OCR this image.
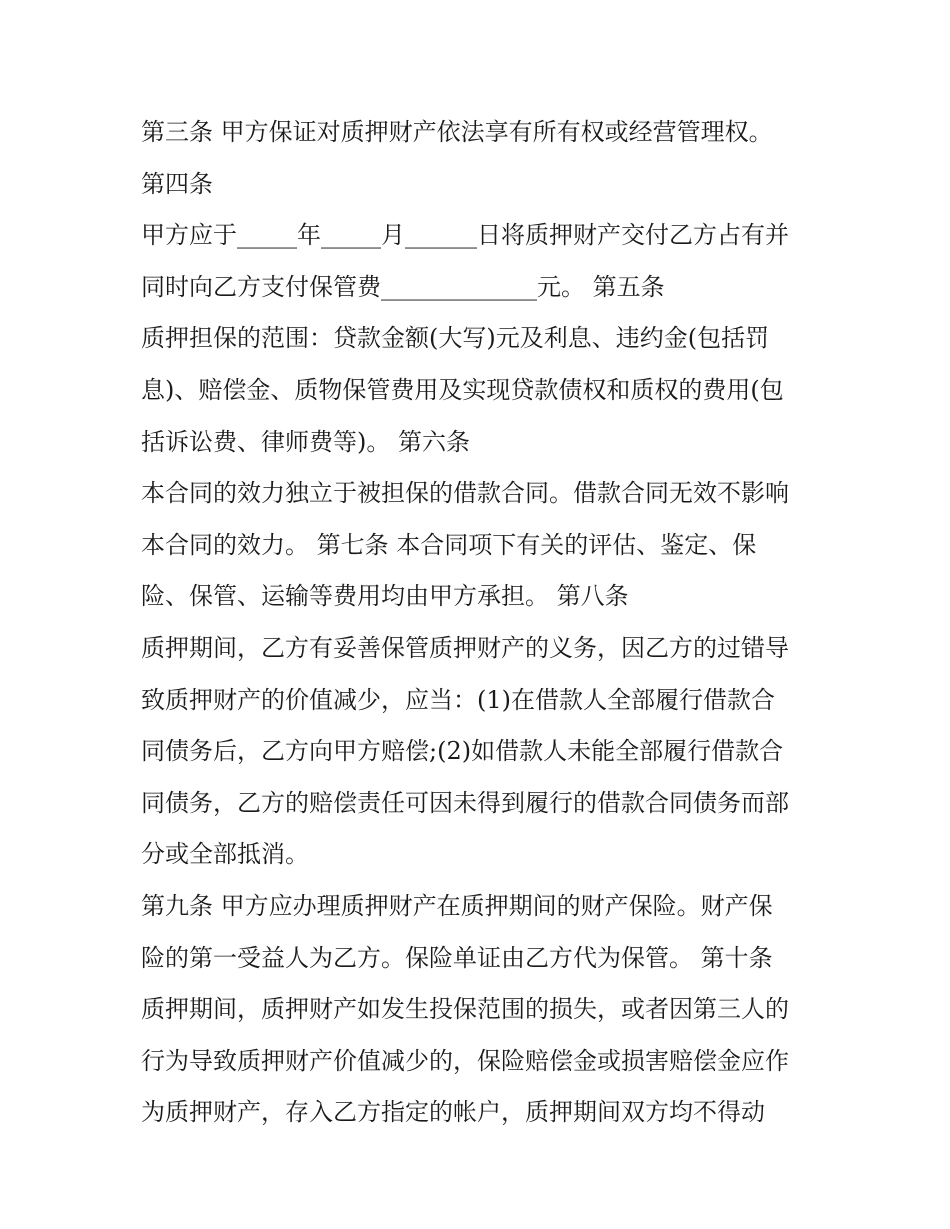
第三条 甲方保证对质押财产依法享有所有权或经营管理权。
第四条
甲方应于_____年_____月______日将质押财产交付乙方占有并
同时向乙方支付保管费_____________元。 第五条
质押担保的范围：贷款金额(大写)元及利息、违约金(包括罚
息)、赔偿金、质物保管费用及实现贷款债权和质权的费用(包
括诉讼费、律师费等)。 第六条
本合同的效力独立于被担保的借款合同。借款合同无效不影响
本合同的效力。 第七条 本合同项下有关的评估、鉴定、保
险、保管、运输等费用均由甲方承担。 第八条
质押期间，乙方有妥善保管质押财产的义务，因乙方的过错导
致质押财产的价值减少，应当：(1)在借款人全部履行借款合
同债务后，乙方向甲方赔偿;(2)如借款人未能全部履行借款合
同债务，乙方的赔偿责任可因未得到履行的借款合同债务而部
分或全部抵消。
第九条 甲方应办理质押财产在质押期间的财产保险。财产保
险的第一受益人为乙方。保险单证由乙方代为保管。 第十条
质押期间，质押财产如发生投保范围的损失，或者因第三人的
行为导致质押财产价值减少的，保险赔偿金或损害赔偿金应作
为质押财产，存入乙方指定的帐户，质押期间双方均不得动
